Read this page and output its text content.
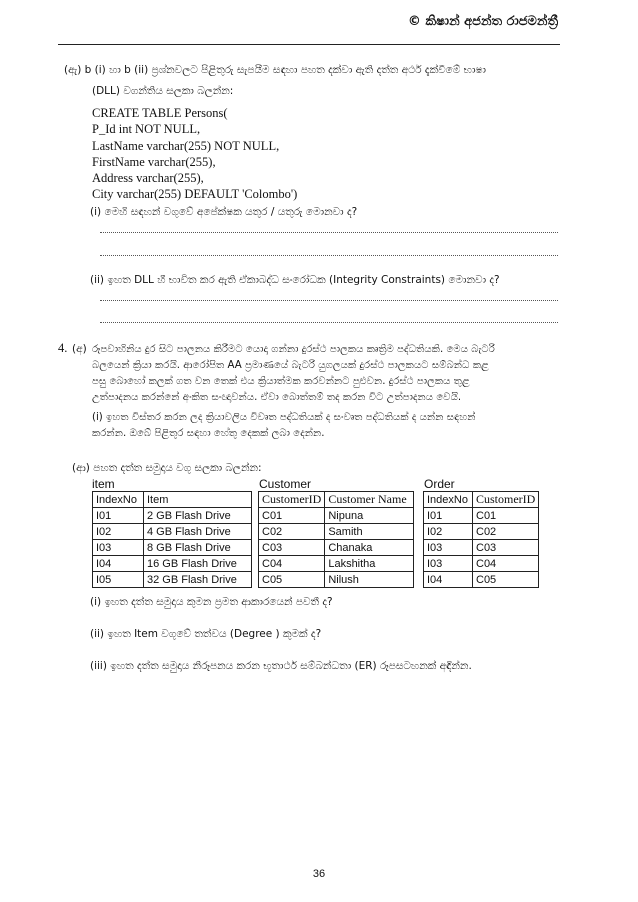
© කිෂාන් අජන්ත රාජමන්ත්‍රී
(ඇ) b (i) හා b (ii) ප්‍රශ්නවලට පිළිතුරු සැපයීම සඳහා පහත දක්වා ඇති දත්ත අර්ථ දැක්වීමේ භාෂා
(DLL) වගන්තිය සලකා බලන්න:
CREATE TABLE Persons(
P_Id int NOT NULL,
LastName varchar(255) NOT NULL,
FirstName varchar(255),
Address varchar(255),
City varchar(255) DEFAULT 'Colombo')
(i) මෙහි සඳහන් වගුවේ අපේක්ෂක යතුර / යතුරු මොනවා ද?
(ii) ඉහත DLL හී භාවිත කර ඇති ඒකාබද්ධ සංරෝධක (Integrity Constraints) මොනවා ද?
4. (අ) රූපවාහිනිය දුර සිට පාලනය කිරීමට යොදා ගන්නා දුරස්ථ පාලකය කෘත්‍රිම පද්ධතියකි. මෙය බැටරි
බලයෙන් ක්‍රියා කරයි. ආරෝපිත AA ප්‍රමාණයේ බැටරි යුගලයක් දුරස්ථ පාලකයට සම්බන්ධ කළ
පසු බොහෝ කලක් ගත වන තෙක් එය ක්‍රියාත්මක කරවන්නට පුළුවන. දුරස්ථ පාලකය තුළ
උත්පාදනය කරන්නේ අංකිත සංඥාවන්ය. ඒවා බොත්තම් තද කරන විට උත්පාදනය වෙයි.
(i) ඉහත විස්තර කරන ලද ක්‍රියාවලිය විවෘත පද්ධතියක් ද සංවෘත පද්ධතියක් ද යන්න සඳහන්
කරන්න. ඔබේ පිළිතුර සඳහා හේතු දෙකක් ලබා දෙන්න.
(ආ) පහත දත්ත සමුදාය වගු සලකා බලන්න:
item	Customer	Order
IndexNo	Item
I01	2 GB Flash Drive
I02	4 GB Flash Drive
I03	8 GB Flash Drive
I04	16 GB Flash Drive
I05	32 GB Flash Drive
CustomerID	Customer Name
C01	Nipuna
C02	Samith
C03	Chanaka
C04	Lakshitha
C05	Nilush
IndexNo	CustomerID
I01	C01
I02	C02
I03	C03
I03	C04
I04	C05
(i) ඉහත දත්ත සමුදාය කුමන ප්‍රමත ආකාරයෙන් පවතී ද?
(ii) ඉහත Item වගුවේ තත්වය (Degree ) කුමක් ද?
(iii) ඉහත දත්ත සමුදාය නිරූපනය කරන භූතාර්ථ සම්බන්ධතා (ER) රූපසටහනක් අඳින්න.
36
